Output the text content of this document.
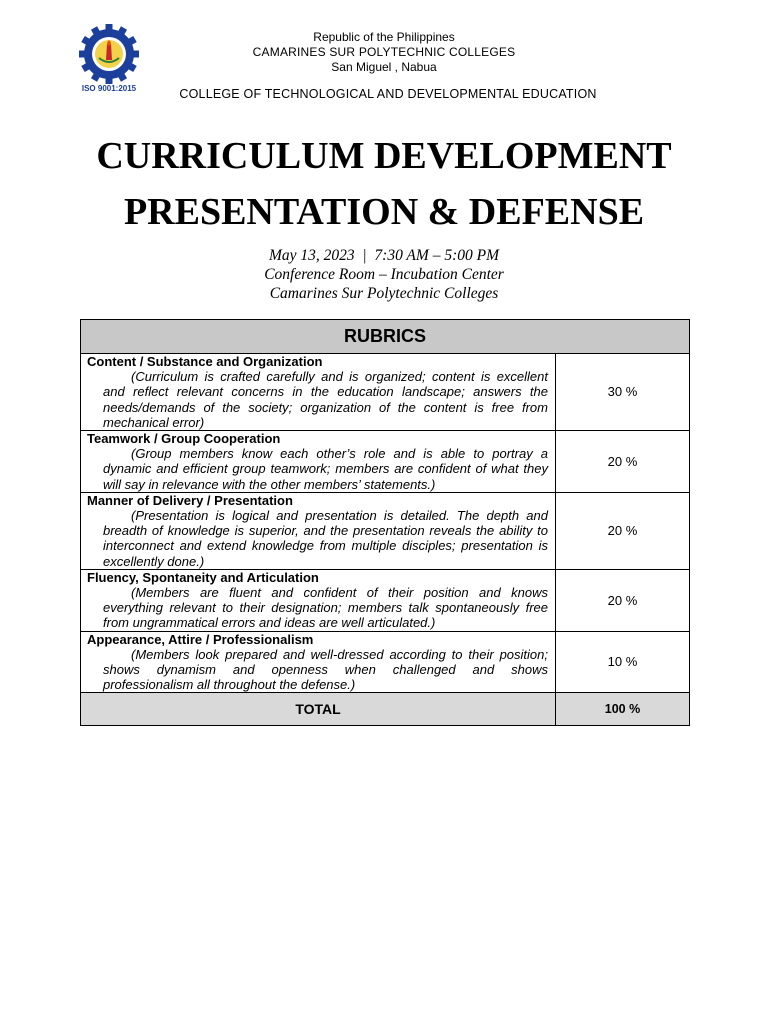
ISO 9001:2015
Republic of the Philippines
CAMARINES SUR POLYTECHNIC COLLEGES
San Miguel , Nabua
COLLEGE OF TECHNOLOGICAL AND DEVELOPMENTAL EDUCATION
CURRICULUM DEVELOPMENT
PRESENTATION & DEFENSE
May 13, 2023  |  7:30 AM – 5:00 PM
Conference Room – Incubation Center
Camarines Sur Polytechnic Colleges
RUBRICS	

Content / Substance and Organization
(Curriculum is crafted carefully and is organized; content is excellent and reflect relevant concerns in the education landscape; answers the needs/demands of the society; organization of the content is free from mechanical error)	30 %

Teamwork / Group Cooperation
(Group members know each other’s role and is able to portray a dynamic and efficient group teamwork; members are confident of what they will say in relevance with the other members’ statements.)	20 %

Manner of Delivery / Presentation
(Presentation is logical and presentation is detailed. The depth and breadth of knowledge is superior, and the presentation reveals the ability to interconnect and extend knowledge from multiple disciples; presentation is excellently done.)	20 %

Fluency, Spontaneity and Articulation
(Members are fluent and confident of their position and knows everything relevant to their designation; members talk spontaneously free from ungrammatical errors and ideas are well articulated.)	20 %

Appearance, Attire / Professionalism
(Members look prepared and well-dressed according to their position; shows dynamism and openness when challenged and shows professionalism all throughout the defense.)	10 %
TOTAL	100 %
